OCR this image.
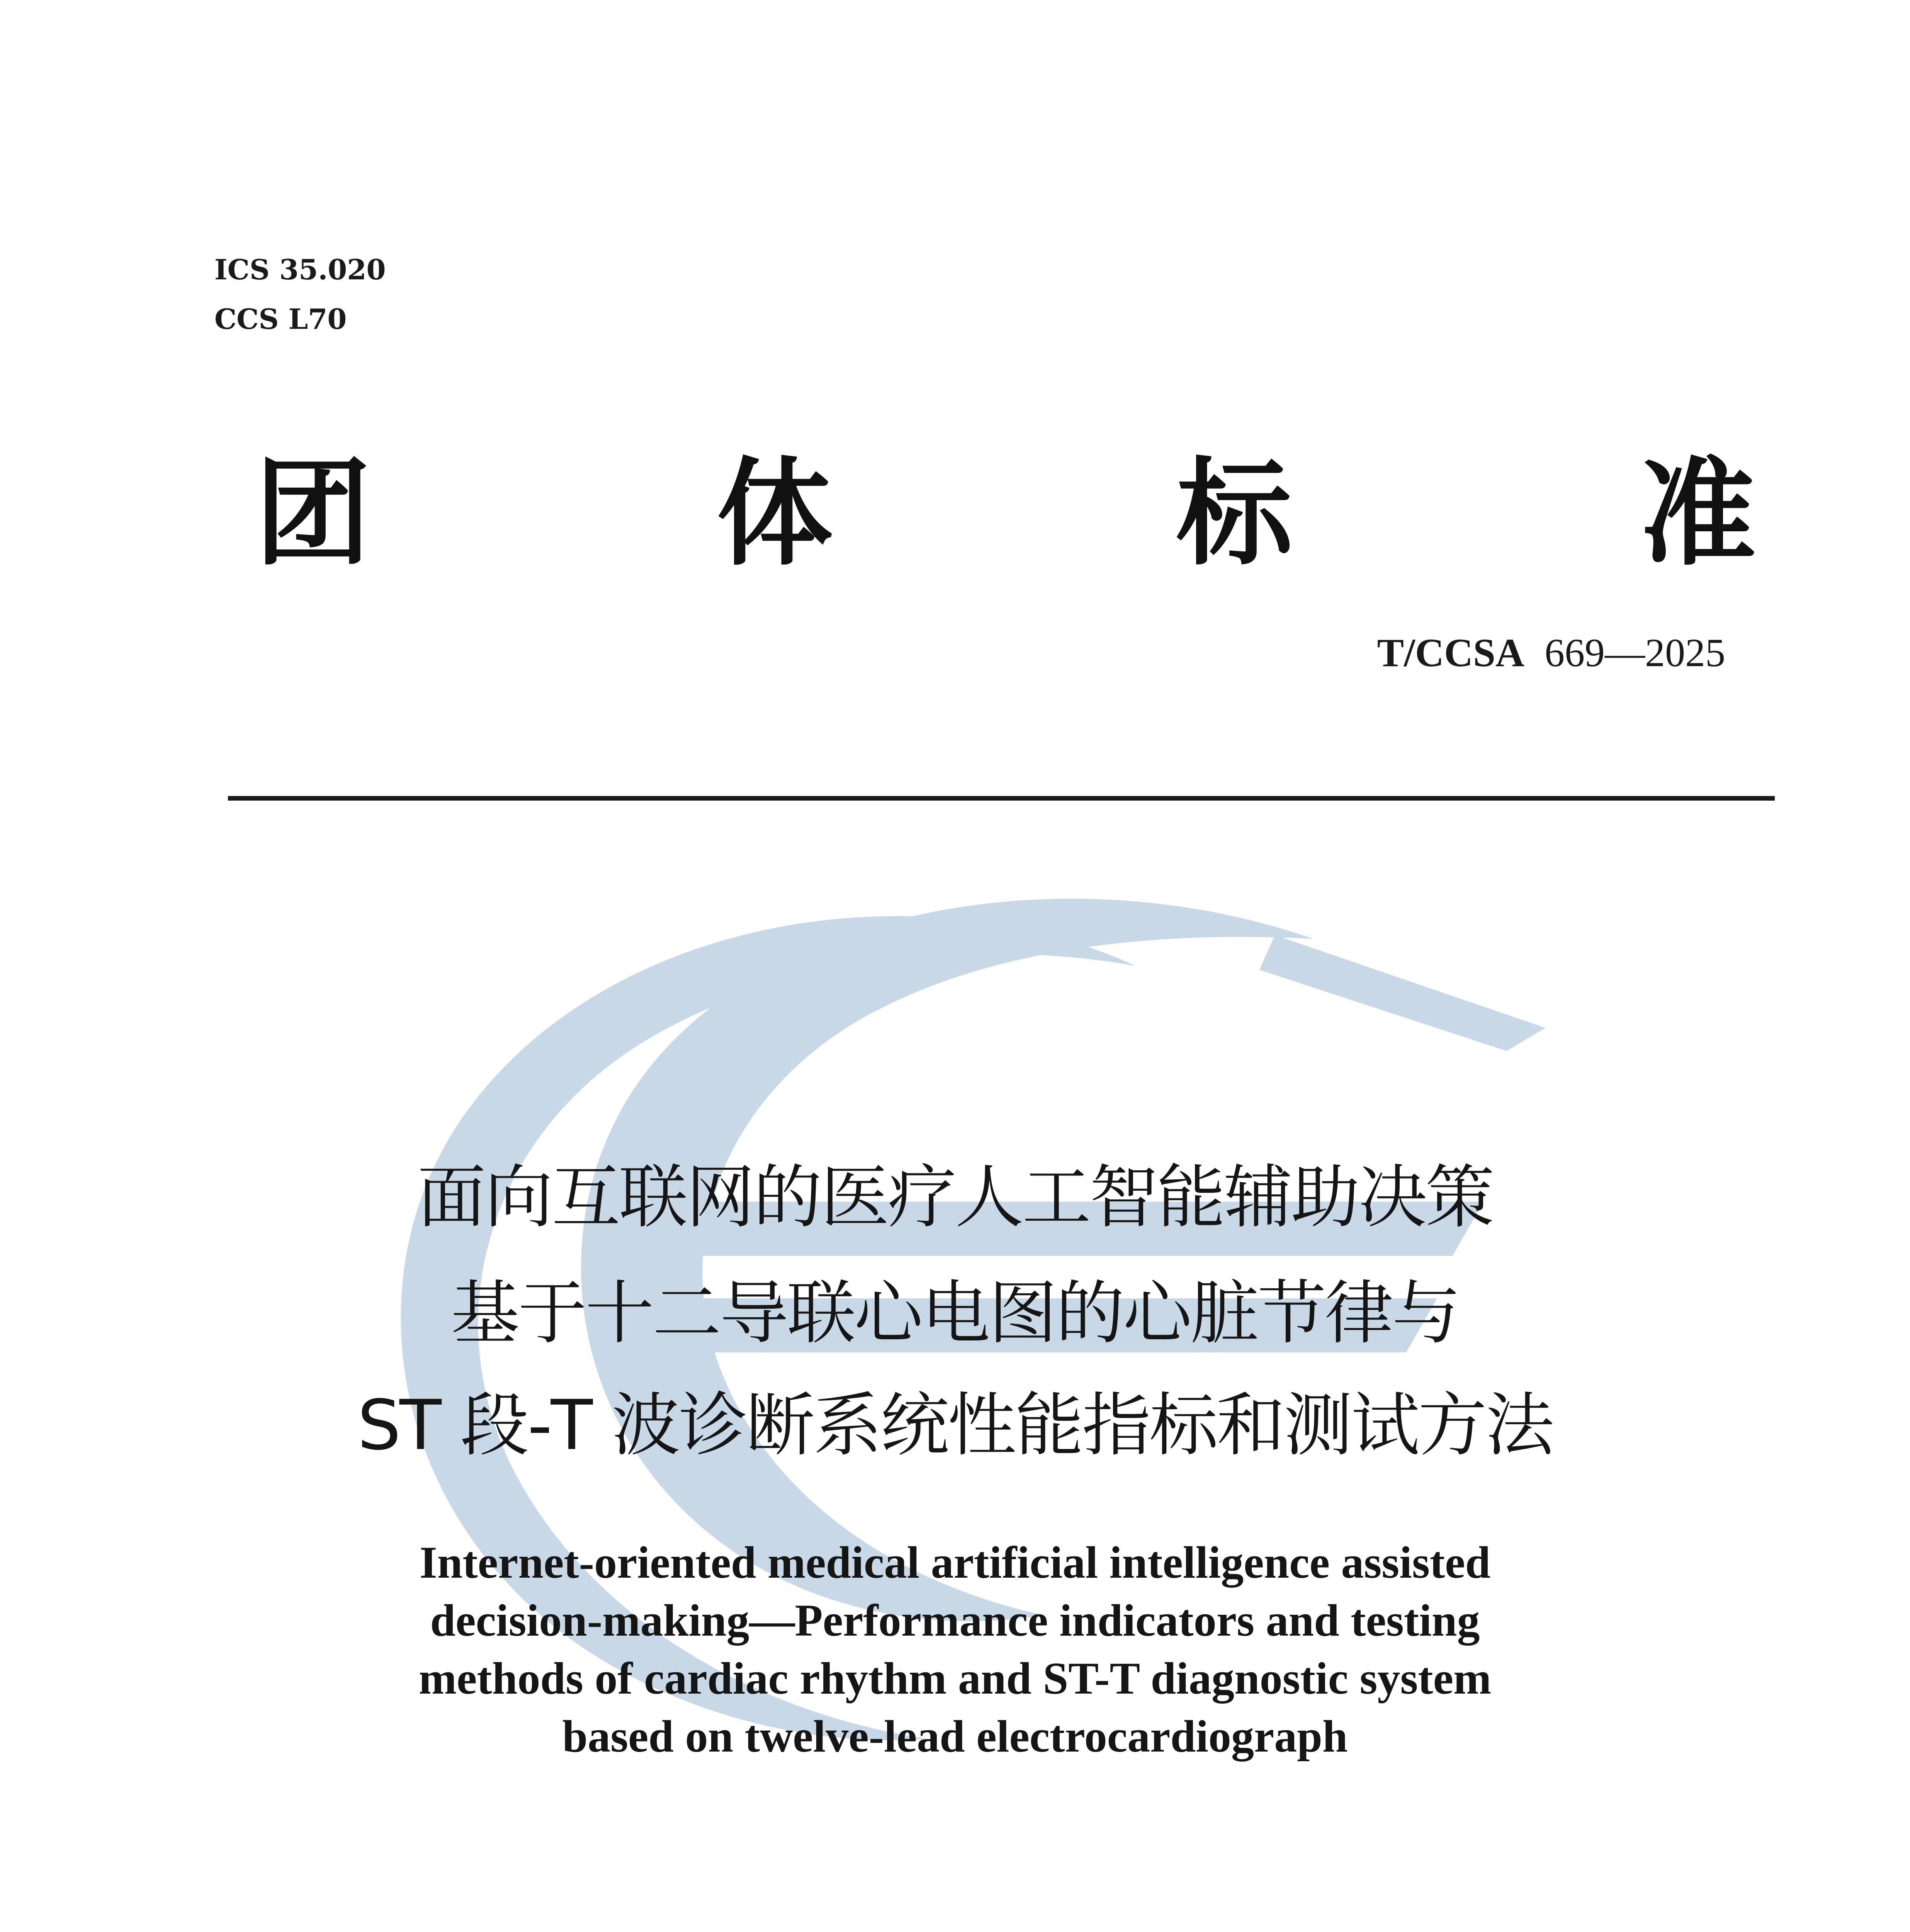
ICS 35.020
CCS L70
团	体	标	准
T/CCSA 669—2025
面向互联网的医疗人工智能辅助决策
基于十二导联心电图的心脏节律与
ST 段-T 波诊断系统性能指标和测试方法
Internet-oriented medical artificial intelligence assisted
decision-making—Performance indicators and testing
methods of cardiac rhythm and ST-T diagnostic system
based on twelve-lead electrocardiograph
